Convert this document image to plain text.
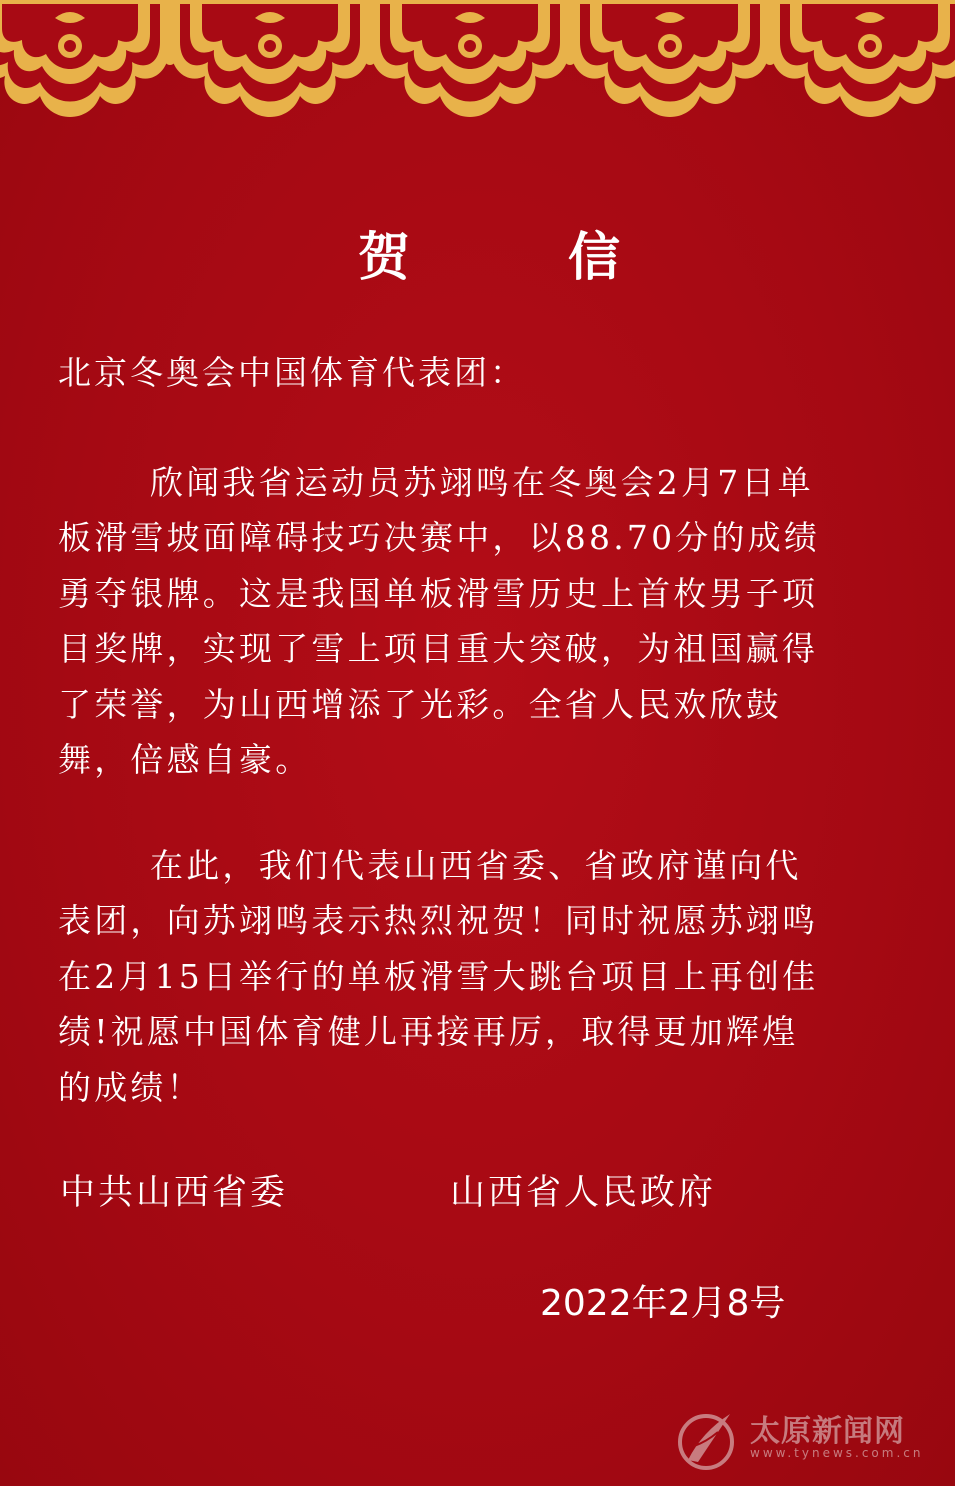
贺	信
北京冬奥会中国体育代表团：
欣闻我省运动员苏翊鸣在冬奥会2月7日单
板滑雪坡面障碍技巧决赛中，以88.70分的成绩
勇夺银牌。这是我国单板滑雪历史上首枚男子项
目奖牌，实现了雪上项目重大突破，为祖国赢得
了荣誉，为山西增添了光彩。全省人民欢欣鼓
舞，倍感自豪。
在此，我们代表山西省委、省政府谨向代
表团，向苏翊鸣表示热烈祝贺！同时祝愿苏翊鸣
在2月15日举行的单板滑雪大跳台项目上再创佳
绩!祝愿中国体育健儿再接再厉，取得更加辉煌
的成绩！
中共山西省委	山西省人民政府
2022年2月8号
太原新闻网
www.tynews.com.cn
